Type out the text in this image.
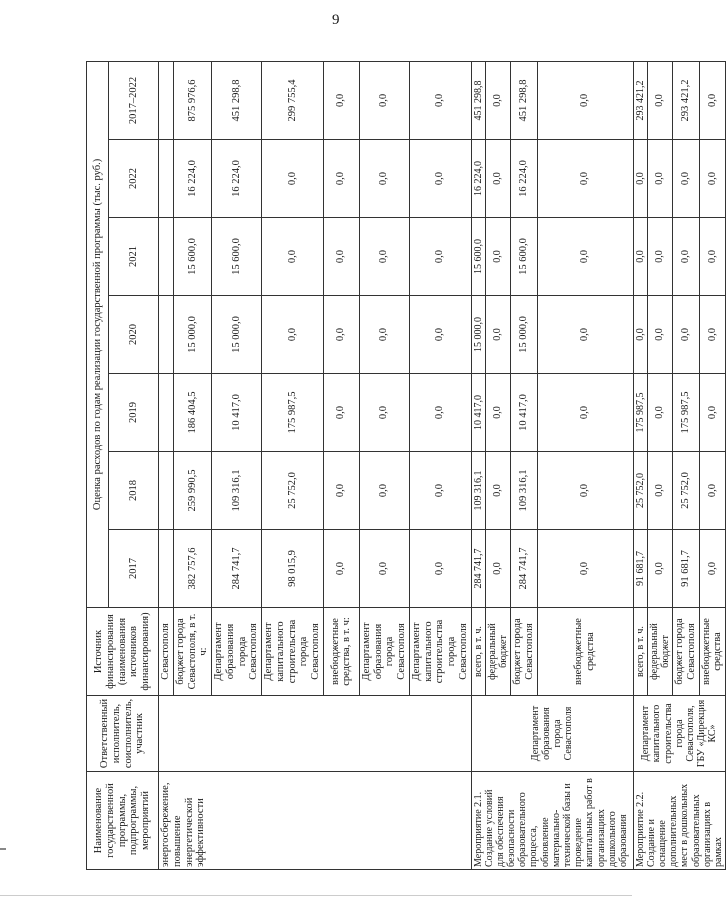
9
Наименование государственной программы, подпрограммы, мероприятий	Ответственный исполнитель, соисполнитель, участник	Источник финансирования (наименования источников финансирования)	Оценка расходов по годам реализации государственной программы (тыс. руб.)						
			2017	2018	2019	2020	2021	2022	2017–2022
энергосбережение, повышение энергетической эффективности		Севастополя							
		бюджет города Севастополя, в т. ч:	382 757,6	259 990,5	186 404,5	15 000,0	15 600,0	16 224,0	875 976,6
		Департамент образования города Севастополя	284 741,7	109 316,1	10 417,0	15 000,0	15 600,0	16 224,0	451 298,8
		Департамент капитального строительства города Севастополя	98 015,9	25 752,0	175 987,5	0,0	0,0	0,0	299 755,4
		внебюджетные средства, в т. ч:	0,0	0,0	0,0	0,0	0,0	0,0	0,0
		Департамент образования города Севастополя	0,0	0,0	0,0	0,0	0,0	0,0	0,0
		Департамент капитального строительства города Севастополя	0,0	0,0	0,0	0,0	0,0	0,0	0,0
Мероприятие 2.1. Создание условий для обеспечения безопасности образовательного процесса, обновление материально-технической базы и проведение капитальных работ в организациях дошкольного образования	Департамент образования города Севастополя	всего, в т. ч.	284 741,7	109 316,1	10 417,0	15 000,0	15 600,0	16 224,0	451 298,8
		федеральный бюджет	0,0	0,0	0,0	0,0	0,0	0,0	0,0
		бюджет города Севастополя	284 741,7	109 316,1	10 417,0	15 000,0	15 600,0	16 224,0	451 298,8
		внебюджетные средства	0,0	0,0	0,0	0,0	0,0	0,0	0,0
Мероприятие 2.2. Создание и оснащение дополнительных мест в дошкольных образовательных организациях в рамках	Департамент капитального строительства города Севастополя, ГБУ «Дирекция КС»	всего, в т. ч.	91 681,7	25 752,0	175 987,5	0,0	0,0	0,0	293 421,2
		федеральный бюджет	0,0	0,0	0,0	0,0	0,0	0,0	0,0
		бюджет города Севастополя	91 681,7	25 752,0	175 987,5	0,0	0,0	0,0	293 421,2
		внебюджетные средства	0,0	0,0	0,0	0,0	0,0	0,0	0,0
